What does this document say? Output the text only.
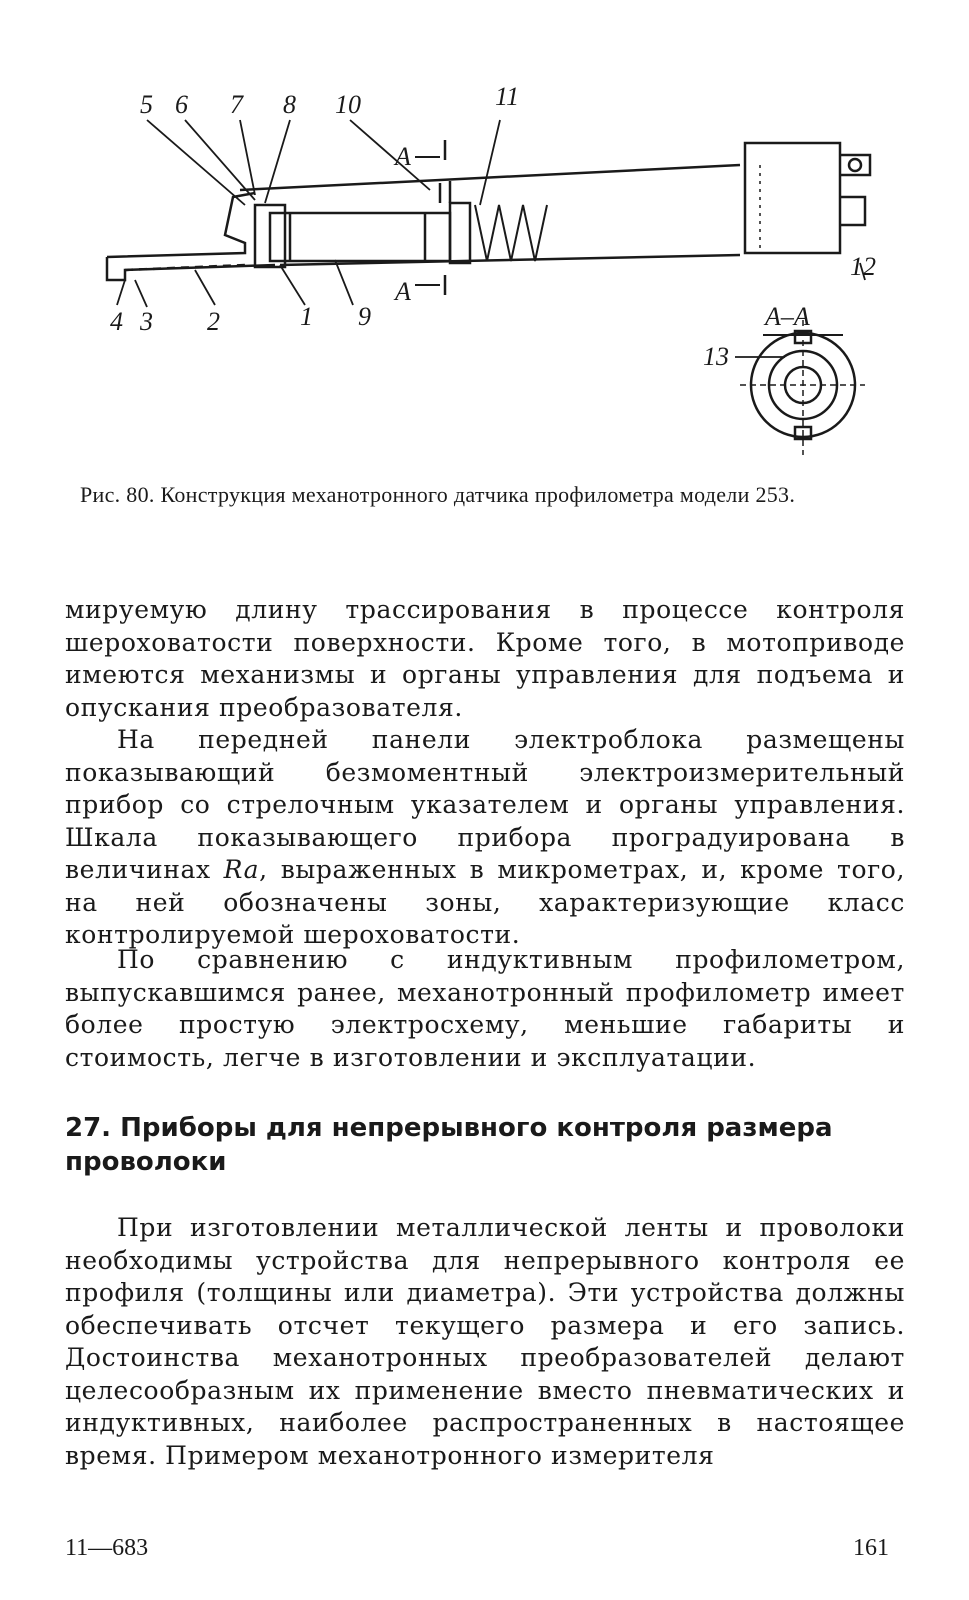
5 6 7 8 10	11
А
А
12
4 3 2	1 9	А–А
13
Рис. 80. Конструкция механотронного датчика профилометра модели 253.

мируемую длину трассирования в процессе контроля шероховатости поверхности. Кроме того, в мотоприводе имеются механизмы и органы управления для подъема и опускания преобразователя.

На передней панели электроблока размещены показывающий безмоментный электроизмерительный прибор со стрелочным указателем и органы управления. Шкала показывающего прибора проградуирована в величинах Ra, выраженных в микрометрах, и, кроме того, на ней обозначены зоны, характеризующие класс контролируемой шероховатости.

По сравнению с индуктивным профилометром, выпускавшимся ранее, механотронный профилометр имеет более простую электросхему, меньшие габариты и стоимость, легче в изготовлении и эксплуатации.

27. Приборы для непрерывного контроля размера проволоки

При изготовлении металлической ленты и проволоки необходимы устройства для непрерывного контроля ее профиля (толщины или диаметра). Эти устройства должны обеспечивать отсчет текущего размера и его запись. Достоинства механотронных преобразователей делают целесообразным их применение вместо пневматических и индуктивных, наиболее распространенных в настоящее время. Примером механотронного измерителя

11—683	161
